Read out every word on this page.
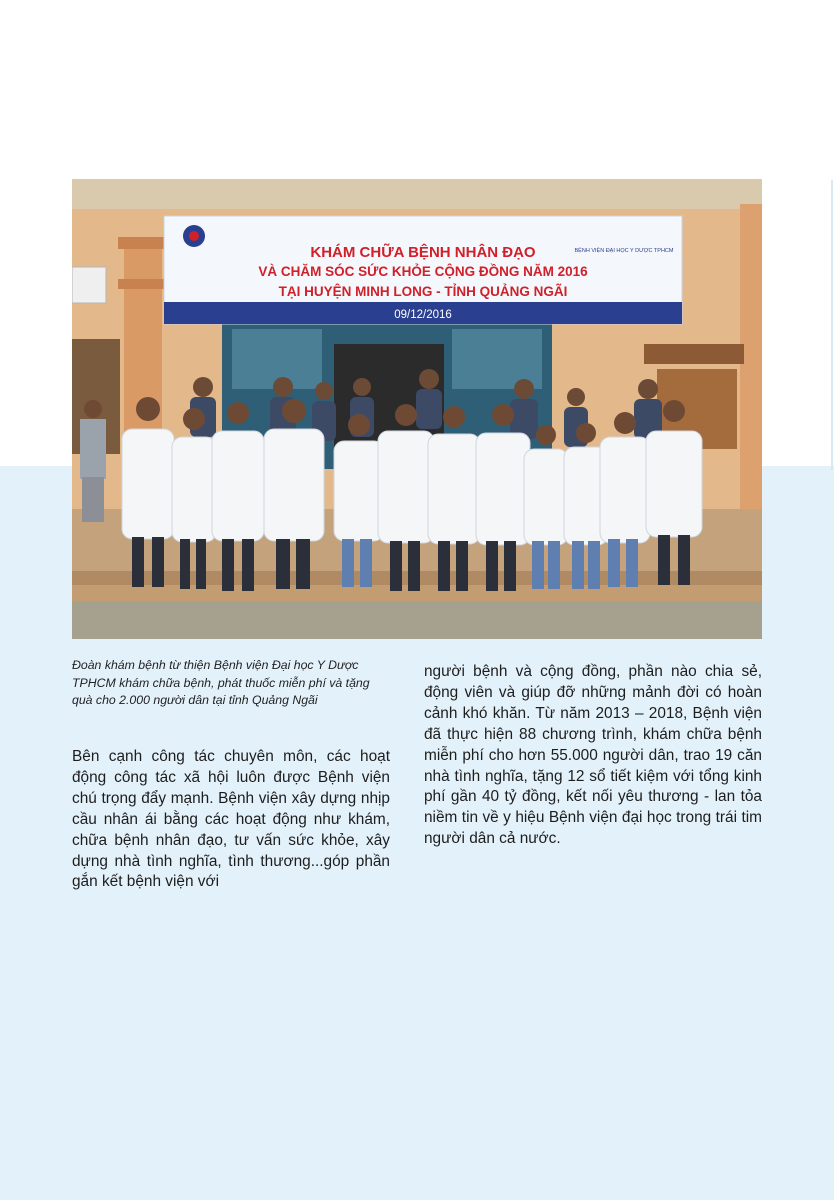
KHÁM CHỮA BỆNH NHÂN ĐẠO
VÀ CHĂM SÓC SỨC KHỎE CỘNG ĐỒNG NĂM 2016
TẠI HUYỆN MINH LONG - TỈNH QUẢNG NGÃI
09/12/2016
BỆNH VIỆN ĐẠI HỌC Y DƯỢC TPHCM
Đoàn khám bệnh từ thiện Bệnh viện Đại học Y Dược TPHCM khám chữa bệnh, phát thuốc miễn phí và tặng quà cho 2.000 người dân tại tỉnh Quảng Ngãi
Bên cạnh công tác chuyên môn, các hoạt động công tác xã hội luôn được Bệnh viện chú trọng đẩy mạnh. Bệnh viện xây dựng nhịp cầu nhân ái bằng các hoạt động như khám, chữa bệnh nhân đạo, tư vấn sức khỏe, xây dựng nhà tình nghĩa, tình thương...góp phần gắn kết bệnh viện với
người bệnh và cộng đồng, phần nào chia sẻ, động viên và giúp đỡ những mảnh đời có hoàn cảnh khó khăn. Từ năm 2013 – 2018, Bệnh viện đã thực hiện 88 chương trình, khám chữa bệnh miễn phí cho hơn 55.000 người dân, trao 19 căn nhà tình nghĩa, tặng 12 sổ tiết kiệm với tổng kinh phí gần 40 tỷ đồng, kết nối yêu thương - lan tỏa niềm tin về y hiệu Bệnh viện đại học trong trái tim người dân cả nước.
